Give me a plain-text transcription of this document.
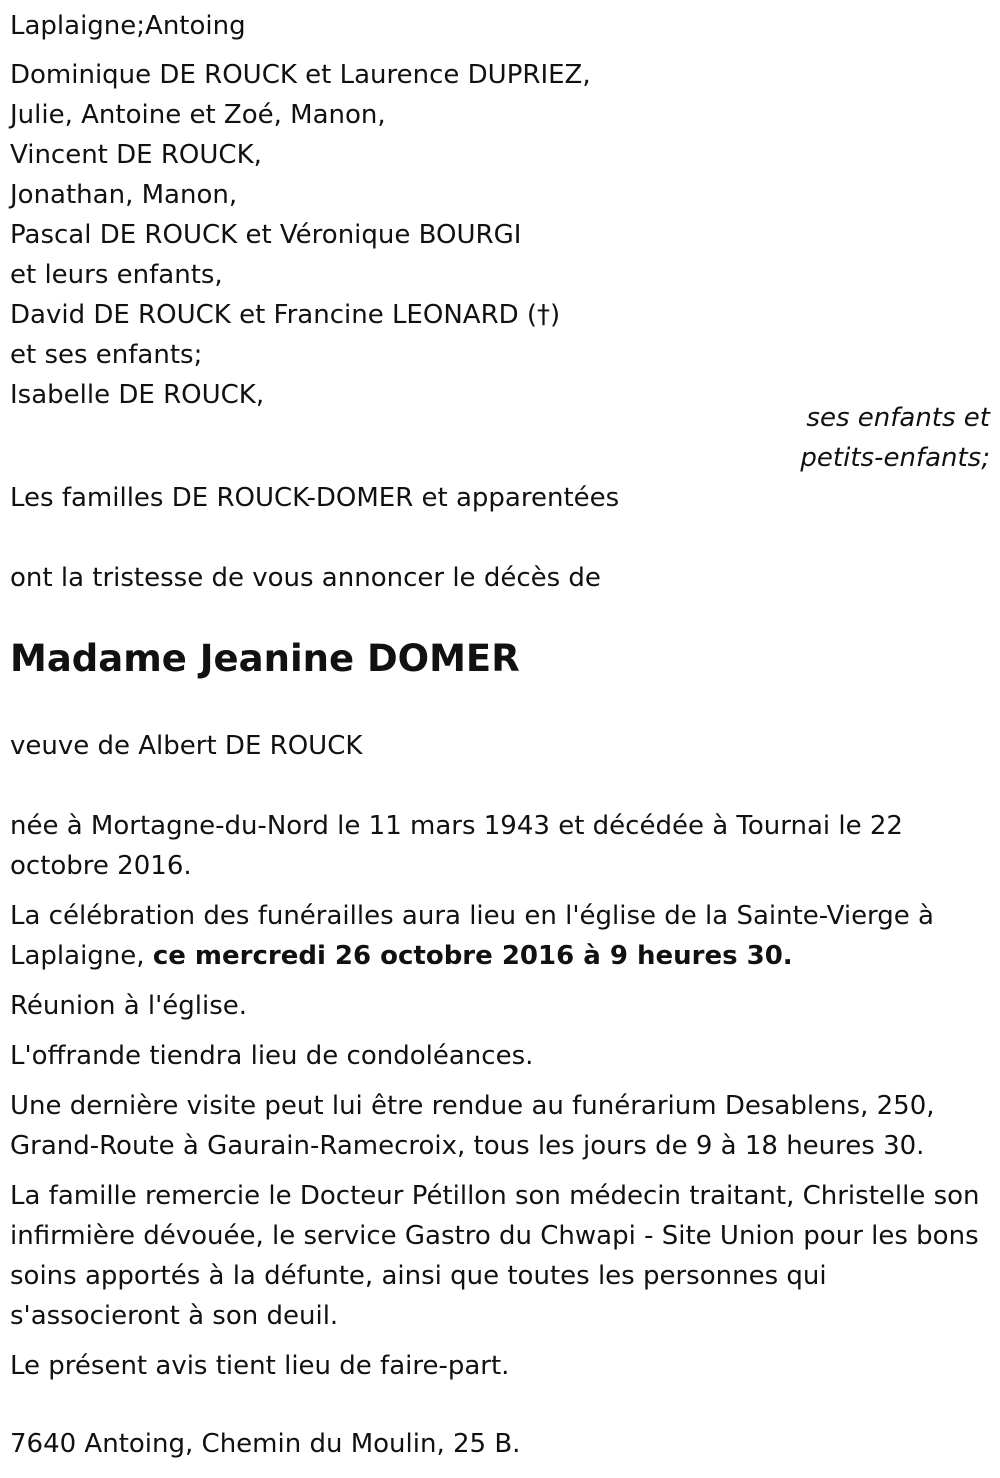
Laplaigne;Antoing
Dominique DE ROUCK et Laurence DUPRIEZ,
Julie, Antoine et Zoé, Manon,
Vincent DE ROUCK,
Jonathan, Manon,
Pascal DE ROUCK et Véronique BOURGI
et leurs enfants,
David DE ROUCK et Francine LEONARD (†)
et ses enfants;
Isabelle DE ROUCK,
ses enfants et
petits-enfants;
Les familles DE ROUCK-DOMER et apparentées
ont la tristesse de vous annoncer le décès de
Madame Jeanine DOMER
veuve de Albert DE ROUCK
née à Mortagne-du-Nord le 11 mars 1943 et décédée à Tournai le 22 octobre 2016.
La célébration des funérailles aura lieu en l'église de la Sainte-Vierge à Laplaigne, ce mercredi 26 octobre 2016 à 9 heures 30.
Réunion à l'église.
L'offrande tiendra lieu de condoléances.
Une dernière visite peut lui être rendue au funérarium Desablens, 250, Grand-Route à Gaurain-Ramecroix, tous les jours de 9 à 18 heures 30.
La famille remercie le Docteur Pétillon son médecin traitant, Christelle son infirmière dévouée, le service Gastro du Chwapi - Site Union pour les bons soins apportés à la défunte, ainsi que toutes les personnes qui s'associeront à son deuil.
Le présent avis tient lieu de faire-part.
7640 Antoing, Chemin du Moulin, 25 B.
